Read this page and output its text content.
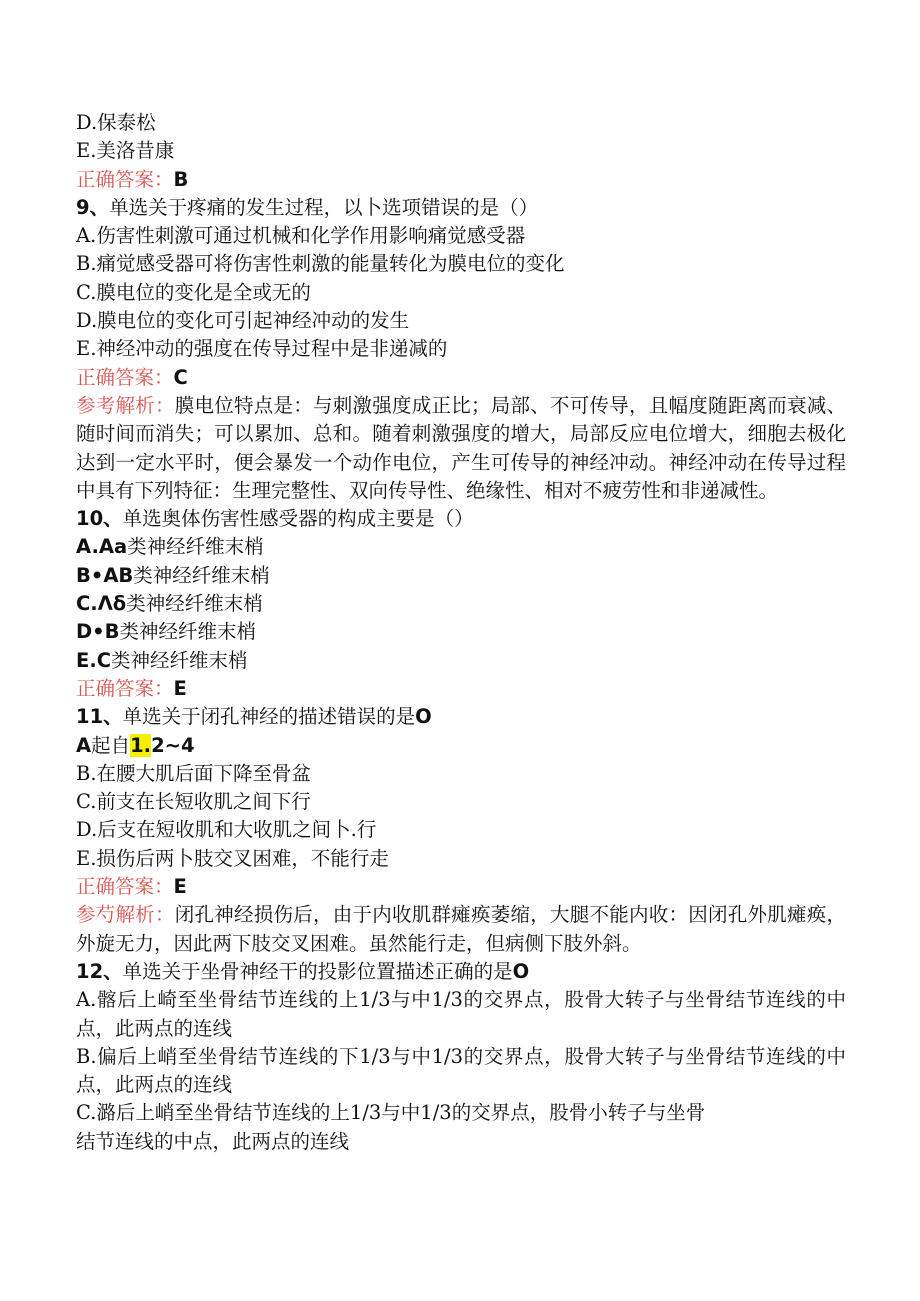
D.保泰松
E.美洛昔康
正确答案：B
9、单选关于疼痛的发生过程，以卜选项错误的是（）
A.伤害性刺激可通过机械和化学作用影响痛觉感受器
B.痛觉感受器可将伤害性刺激的能量转化为膜电位的变化
C.膜电位的变化是全或无的
D.膜电位的变化可引起神经冲动的发生
E.神经冲动的强度在传导过程中是非递减的
正确答案：C
参考解析：膜电位特点是：与刺激强度成正比；局部、不可传导，且幅度随距离而衰减、随时间而消失；可以累加、总和。随着刺激强度的增大，局部反应电位增大，细胞去极化达到一定水平时，便会暴发一个动作电位，产生可传导的神经冲动。神经冲动在传导过程中具有下列特征：生理完整性、双向传导性、绝缘性、相对不疲劳性和非递减性。
10、单选奥体伤害性感受器的构成主要是（）
A.Aa类神经纤维末梢
B•AB类神经纤维末梢
C.Λδ类神经纤维末梢
D•B类神经纤维末梢
E.C类神经纤维末梢
正确答案：E
11、单选关于闭孔神经的描述错误的是O
A起自1.2~4
B.在腰大肌后面下降至骨盆
C.前支在长短收肌之间下行
D.后支在短收肌和大收肌之间卜.行
E.损伤后两卜肢交叉困难，不能行走
正确答案：E
参芍解析：闭孔神经损伤后，由于内收肌群瘫痪萎缩，大腿不能内收：因闭孔外肌瘫痪，外旋无力，因此两下肢交叉困难。虽然能行走，但病侧下肢外斜。
12、单选关于坐骨神经干的投影位置描述正确的是O
A.髂后上崎至坐骨结节连线的上1/3与中1/3的交界点，股骨大转子与坐骨结节连线的中点，此两点的连线
B.偏后上峭至坐骨结节连线的下1/3与中1/3的交界点，股骨大转子与坐骨结节连线的中点，此两点的连线
C.潞后上峭至坐骨结节连线的上1/3与中1/3的交界点，股骨小转子与坐骨
结节连线的中点，此两点的连线
